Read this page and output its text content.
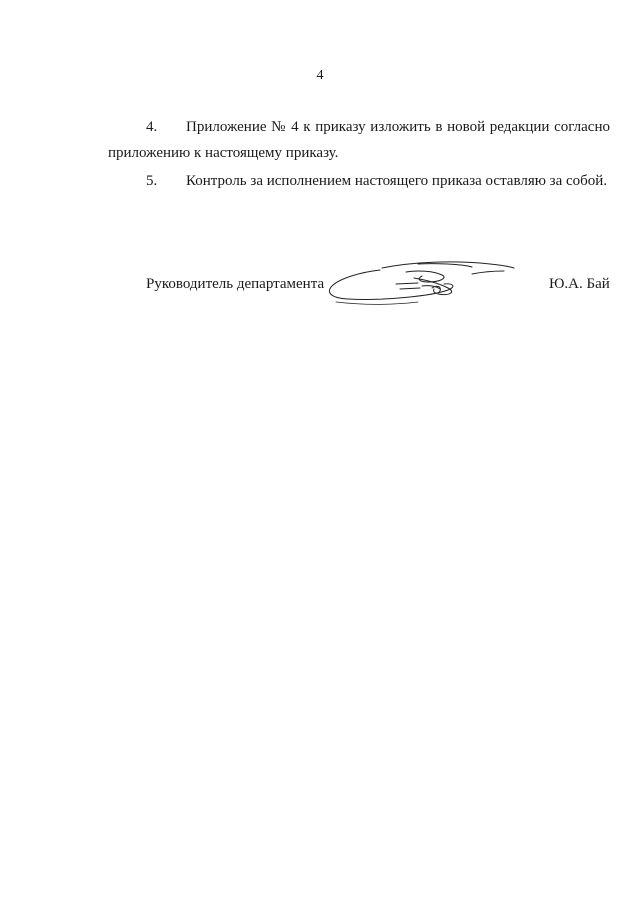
4
4. Приложение № 4 к приказу изложить в новой редакции согласно
приложению к настоящему приказу.
5. Контроль за исполнением настоящего приказа оставляю за собой.
Руководитель департамента	Ю.А. Бай
